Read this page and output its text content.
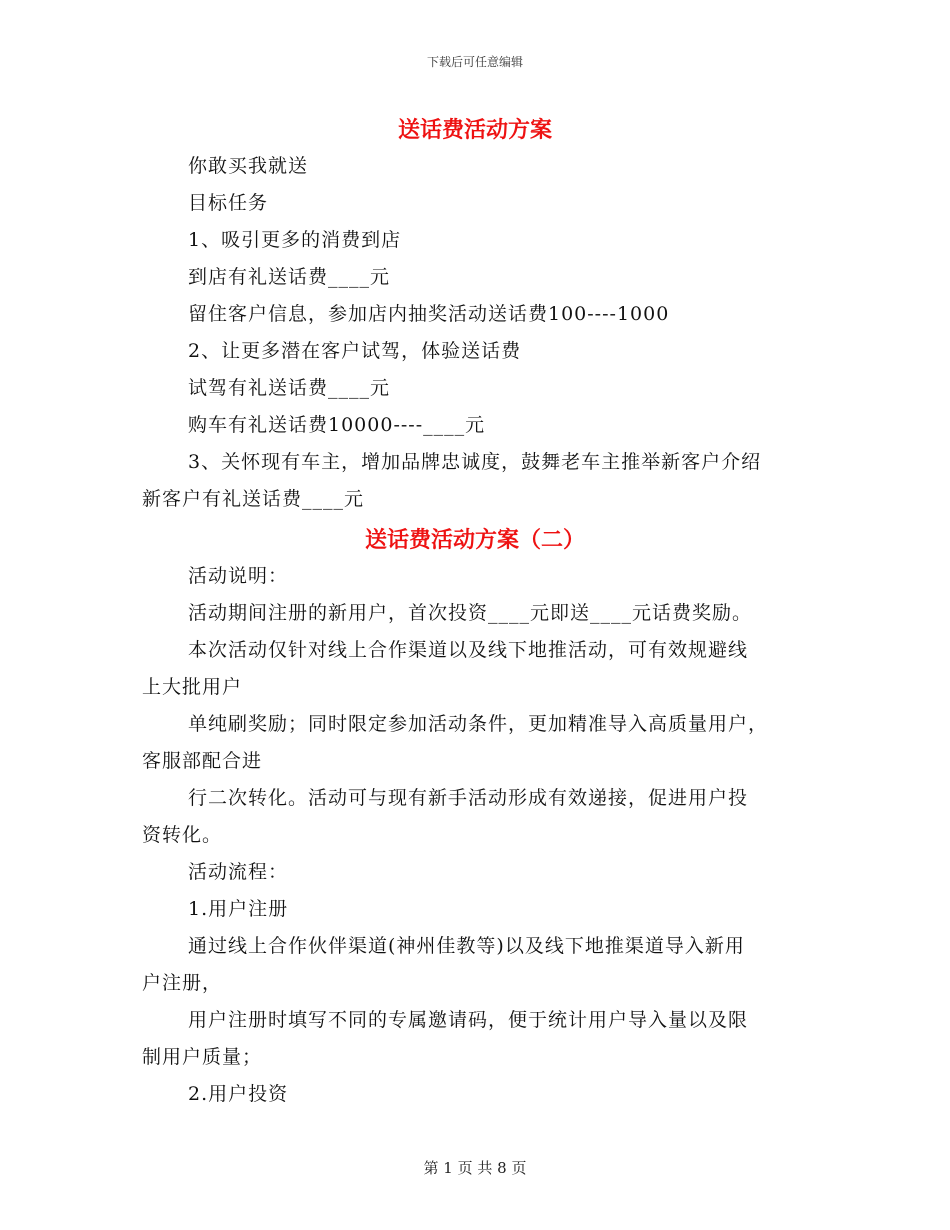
下载后可任意编辑
送话费活动方案

你敢买我就送

目标任务

1、吸引更多的消费到店

到店有礼送话费____元

留住客户信息，参加店内抽奖活动送话费100----1000

2、让更多潜在客户试驾，体验送话费

试驾有礼送话费____元

购车有礼送话费10000----____元

3、关怀现有车主，增加品牌忠诚度，鼓舞老车主推举新客户介绍

新客户有礼送话费____元

送话费活动方案（二）

活动说明：

活动期间注册的新用户，首次投资____元即送____元话费奖励。

本次活动仅针对线上合作渠道以及线下地推活动，可有效规避线

上大批用户

单纯刷奖励；同时限定参加活动条件，更加精准导入高质量用户，

客服部配合进

行二次转化。活动可与现有新手活动形成有效递接，促进用户投

资转化。

活动流程：

1.用户注册

通过线上合作伙伴渠道(神州佳教等)以及线下地推渠道导入新用

户注册，

用户注册时填写不同的专属邀请码，便于统计用户导入量以及限

制用户质量；

2.用户投资

第 1 页 共 8 页
